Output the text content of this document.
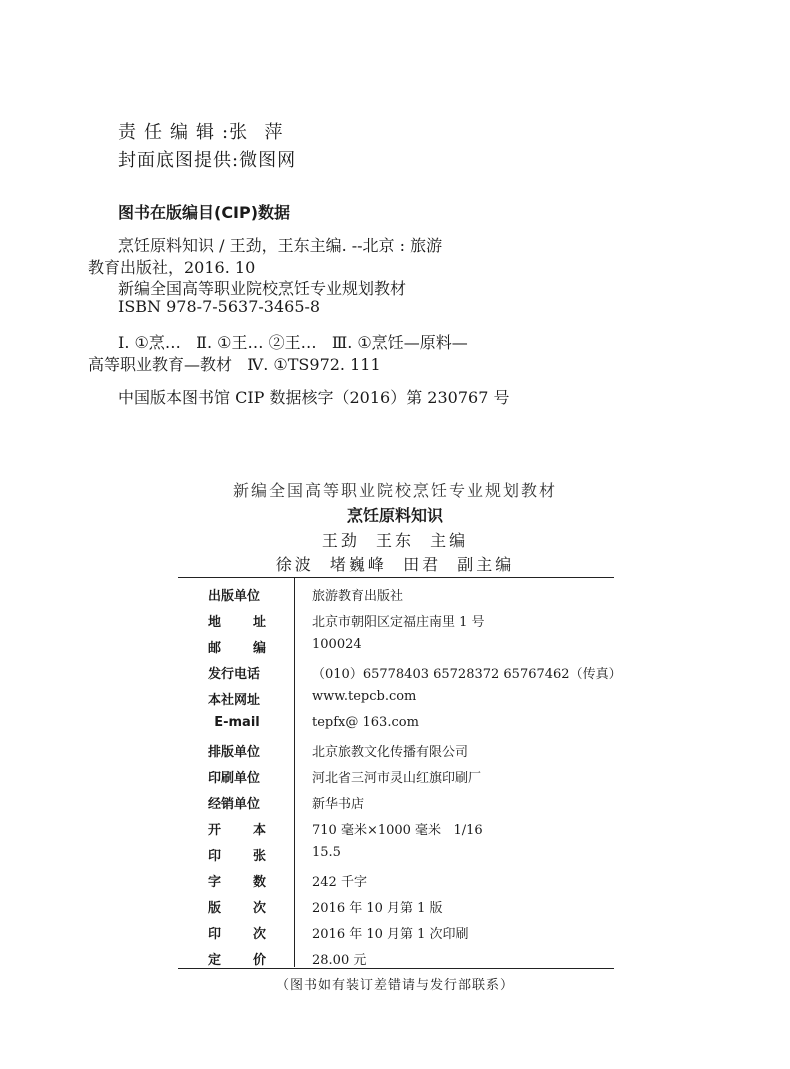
责任编辑:张  萍
封面底图提供:微图网
图书在版编目(CIP)数据
烹饪原料知识 / 王劲，王东主编. --北京 : 旅游
教育出版社，2016. 10
新编全国高等职业院校烹饪专业规划教材
ISBN 978-7-5637-3465-8
Ⅰ. ①烹…   Ⅱ. ①王… ②王…   Ⅲ. ①烹饪—原料—
高等职业教育—教材   Ⅳ. ①TS972. 111
中国版本图书馆 CIP 数据核字（2016）第 230767 号
新编全国高等职业院校烹饪专业规划教材
烹饪原料知识
王劲  王东  主编
徐波  堵巍峰  田君  副主编
出版单位	旅游教育出版社
地 址	北京市朝阳区定福庄南里 1 号
邮 编	100024
发行电话	（010）65778403 65728372 65767462（传真）
本社网址	www.tepcb.com
E-mail	tepfx@ 163.com
排版单位	北京旅教文化传播有限公司
印刷单位	河北省三河市灵山红旗印刷厂
经销单位	新华书店
开 本	710 毫米×1000 毫米   1/16
印 张	15.5
字 数	242 千字
版 次	2016 年 10 月第 1 版
印 次	2016 年 10 月第 1 次印刷
定 价	28.00 元
（图书如有装订差错请与发行部联系）
